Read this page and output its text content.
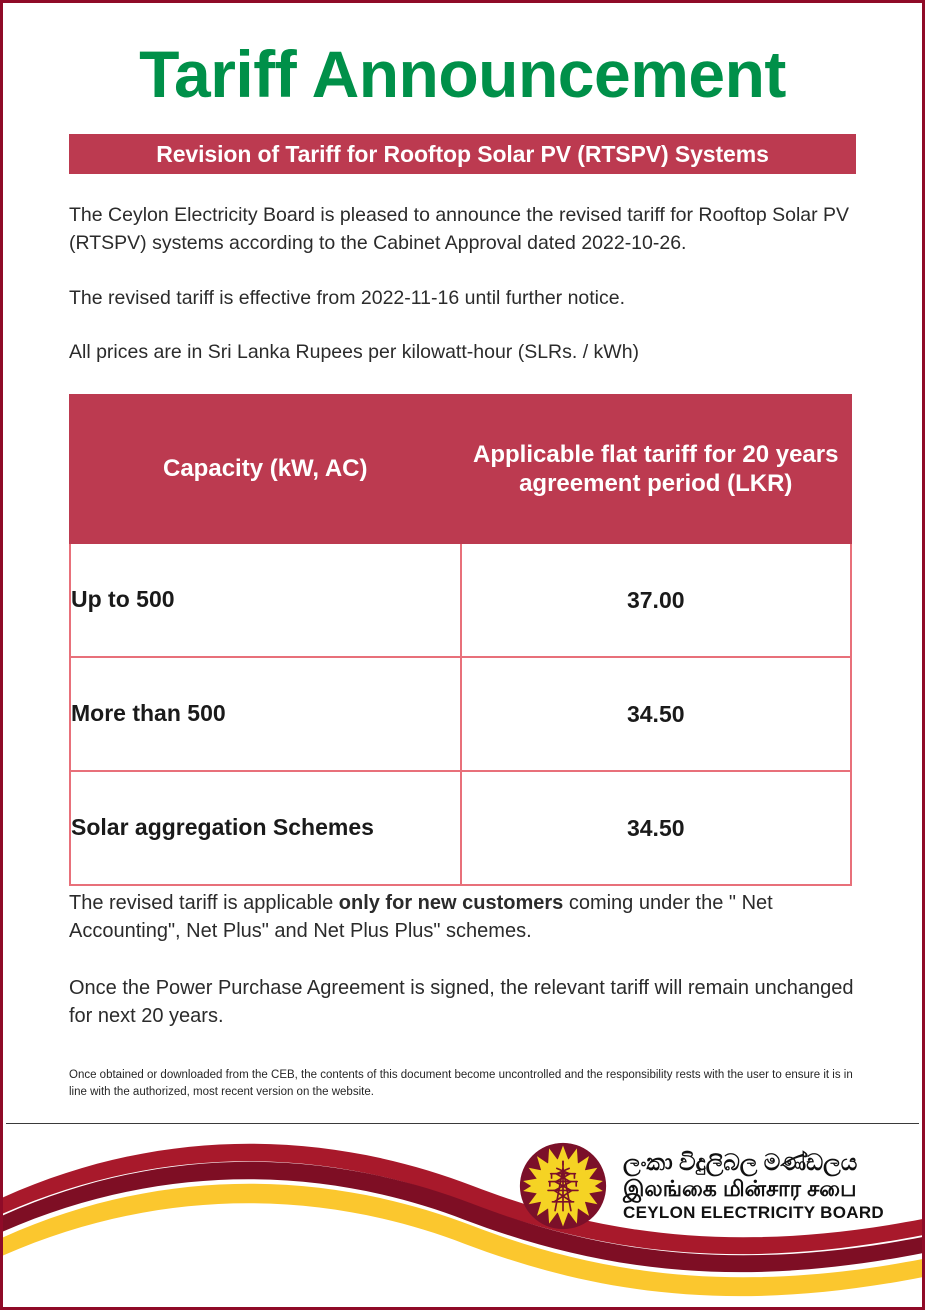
Tariff Announcement
Revision of Tariff for Rooftop Solar PV (RTSPV) Systems

The Ceylon Electricity Board is pleased to announce the revised tariff for Rooftop Solar PV (RTSPV) systems according to the Cabinet Approval dated 2022-10-26.

The revised tariff is effective from 2022-11-16 until further notice.

All prices are in Sri Lanka Rupees per kilowatt-hour (SLRs. / kWh)

Capacity (kW, AC)	Applicable flat tariff for 20 years agreement period (LKR)
Up to 500	37.00
More than 500	34.50
Solar aggregation Schemes	34.50

The revised tariff is applicable only for new customers coming under the " Net Accounting", Net Plus" and Net Plus Plus" schemes.

Once the Power Purchase Agreement is signed, the relevant tariff will remain unchanged for next 20 years.

Once obtained or downloaded from the CEB, the contents of this document become uncontrolled and the responsibility rests with the user to ensure it is in line with the authorized, most recent version on the website.
ලංකා විදුලිබල මණ්ඩලය
இலங்கை மின்சார சபை
CEYLON ELECTRICITY BOARD
